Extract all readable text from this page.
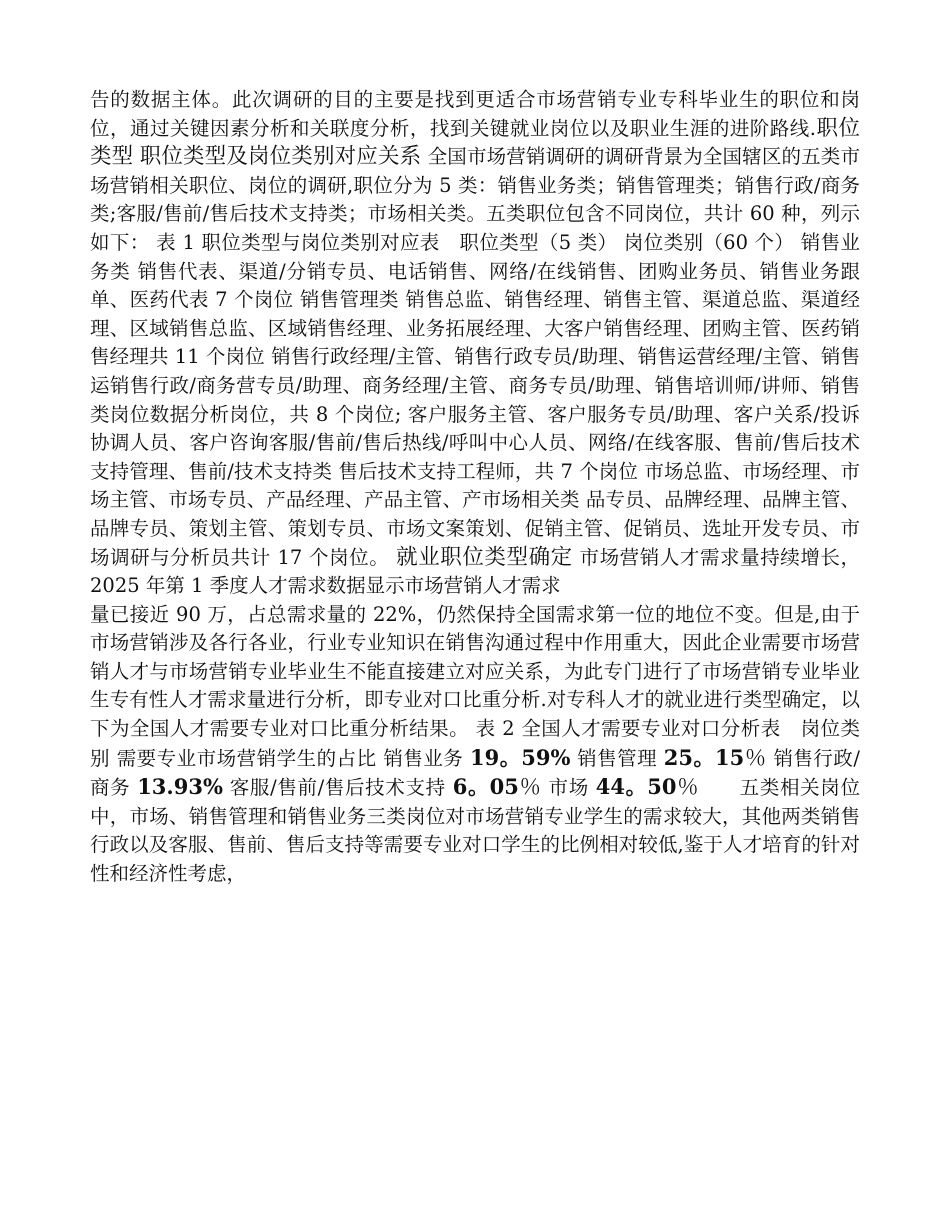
告的数据主体。此次调研的目的主要是找到更适合市场营销专业专科毕业生的职位和岗位，通过关键因素分析和关联度分析，找到关键就业岗位以及职业生涯的进阶路线.职位类型 职位类型及岗位类别对应关系 全国市场营销调研的调研背景为全国辖区的五类市场营销相关职位、岗位的调研,职位分为 5 类：销售业务类；销售管理类；销售行政/商务类;客服/售前/售后技术支持类；市场相关类。五类职位包含不同岗位，共计 60 种，列示如下： 表 1 职位类型与岗位类别对应表　职位类型（5 类） 岗位类别（60 个） 销售业务类 销售代表、渠道/分销专员、电话销售、网络/在线销售、团购业务员、销售业务跟单、医药代表 7 个岗位 销售管理类 销售总监、销售经理、销售主管、渠道总监、渠道经理、区域销售总监、区域销售经理、业务拓展经理、大客户销售经理、团购主管、医药销售经理共 11 个岗位 销售行政经理/主管、销售行政专员/助理、销售运营经理/主管、销售运销售行政/商务营专员/助理、商务经理/主管、商务专员/助理、销售培训师/讲师、销售类岗位数据分析岗位，共 8 个岗位; 客户服务主管、客户服务专员/助理、客户关系/投诉协调人员、客户咨询客服/售前/售后热线/呼叫中心人员、网络/在线客服、售前/售后技术支持管理、售前/技术支持类 售后技术支持工程师，共 7 个岗位 市场总监、市场经理、市场主管、市场专员、产品经理、产品主管、产市场相关类 品专员、品牌经理、品牌主管、品牌专员、策划主管、策划专员、市场文案策划、促销主管、促销员、选址开发专员、市场调研与分析员共计 17 个岗位。 就业职位类型确定 市场营销人才需求量持续增长，2025 年第 1 季度人才需求数据显示市场营销人才需求

量已接近 90 万，占总需求量的 22%，仍然保持全国需求第一位的地位不变。但是,由于市场营销涉及各行各业，行业专业知识在销售沟通过程中作用重大，因此企业需要市场营销人才与市场营销专业毕业生不能直接建立对应关系，为此专门进行了市场营销专业毕业生专有性人才需求量进行分析，即专业对口比重分析.对专科人才的就业进行类型确定，以下为全国人才需要专业对口比重分析结果。 表 2 全国人才需要专业对口分析表　岗位类别 需要专业市场营销学生的占比 销售业务 19。59% 销售管理 25。15％ 销售行政/商务 13.93% 客服/售前/售后技术支持 6。05％ 市场 44。50％　　 五类相关岗位中，市场、销售管理和销售业务三类岗位对市场营销专业学生的需求较大，其他两类销售行政以及客服、售前、售后支持等需要专业对口学生的比例相对较低,鉴于人才培育的针对性和经济性考虑，
